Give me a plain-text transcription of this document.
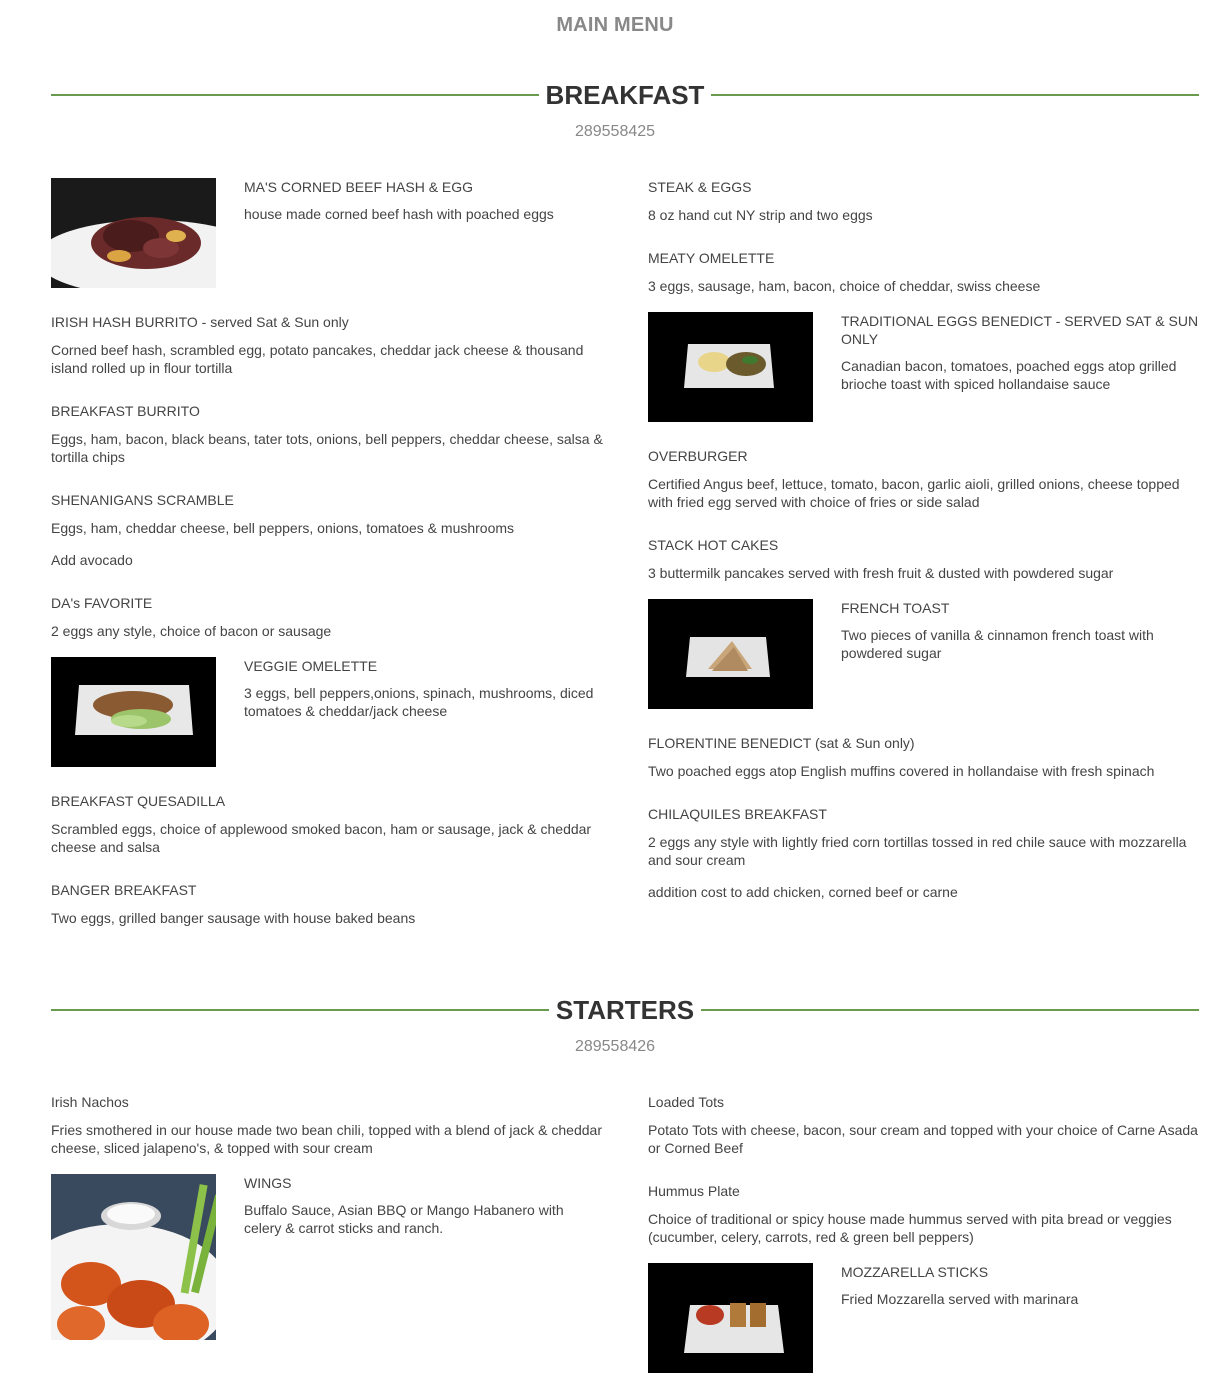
MAIN MENU
BREAKFAST
289558425
MA'S CORNED BEEF HASH & EGG
house made corned beef hash with poached eggs
IRISH HASH BURRITO - served Sat & Sun only
Corned beef hash, scrambled egg, potato pancakes, cheddar jack cheese & thousand island rolled up in flour tortilla
BREAKFAST BURRITO
Eggs, ham, bacon, black beans, tater tots, onions, bell peppers, cheddar cheese, salsa & tortilla chips
SHENANIGANS SCRAMBLE
Eggs, ham, cheddar cheese, bell peppers, onions, tomatoes & mushrooms
Add avocado
DA's FAVORITE
2 eggs any style, choice of bacon or sausage
VEGGIE OMELETTE
3 eggs, bell peppers,onions, spinach, mushrooms, diced tomatoes & cheddar/jack cheese
BREAKFAST QUESADILLA
Scrambled eggs, choice of applewood smoked bacon, ham or sausage, jack & cheddar cheese and salsa
BANGER BREAKFAST
Two eggs, grilled banger sausage with house baked beans
STEAK & EGGS
8 oz hand cut NY strip and two eggs
MEATY OMELETTE
3 eggs, sausage, ham, bacon, choice of cheddar, swiss cheese
TRADITIONAL EGGS BENEDICT - SERVED SAT & SUN ONLY
Canadian bacon, tomatoes, poached eggs atop grilled brioche toast with spiced hollandaise sauce
OVERBURGER
Certified Angus beef, lettuce, tomato, bacon, garlic aioli, grilled onions, cheese topped with fried egg served with choice of fries or side salad
STACK HOT CAKES
3 buttermilk pancakes served with fresh fruit & dusted with powdered sugar
FRENCH TOAST
Two pieces of vanilla & cinnamon french toast with powdered sugar
FLORENTINE BENEDICT (sat & Sun only)
Two poached eggs atop English muffins covered in hollandaise with fresh spinach
CHILAQUILES BREAKFAST
2 eggs any style with lightly fried corn tortillas tossed in red chile sauce with mozzarella and sour cream
addition cost to add chicken, corned beef or carne
STARTERS
289558426
Irish Nachos
Fries smothered in our house made two bean chili, topped with a blend of jack & cheddar cheese, sliced jalapeno's, & topped with sour cream
WINGS
Buffalo Sauce, Asian BBQ or Mango Habanero with celery & carrot sticks and ranch.
Loaded Tots
Potato Tots with cheese, bacon, sour cream and topped with your choice of Carne Asada or Corned Beef
Hummus Plate
Choice of traditional or spicy house made hummus served with pita bread or veggies (cucumber, celery, carrots, red & green bell peppers)
MOZZARELLA STICKS
Fried Mozzarella served with marinara
